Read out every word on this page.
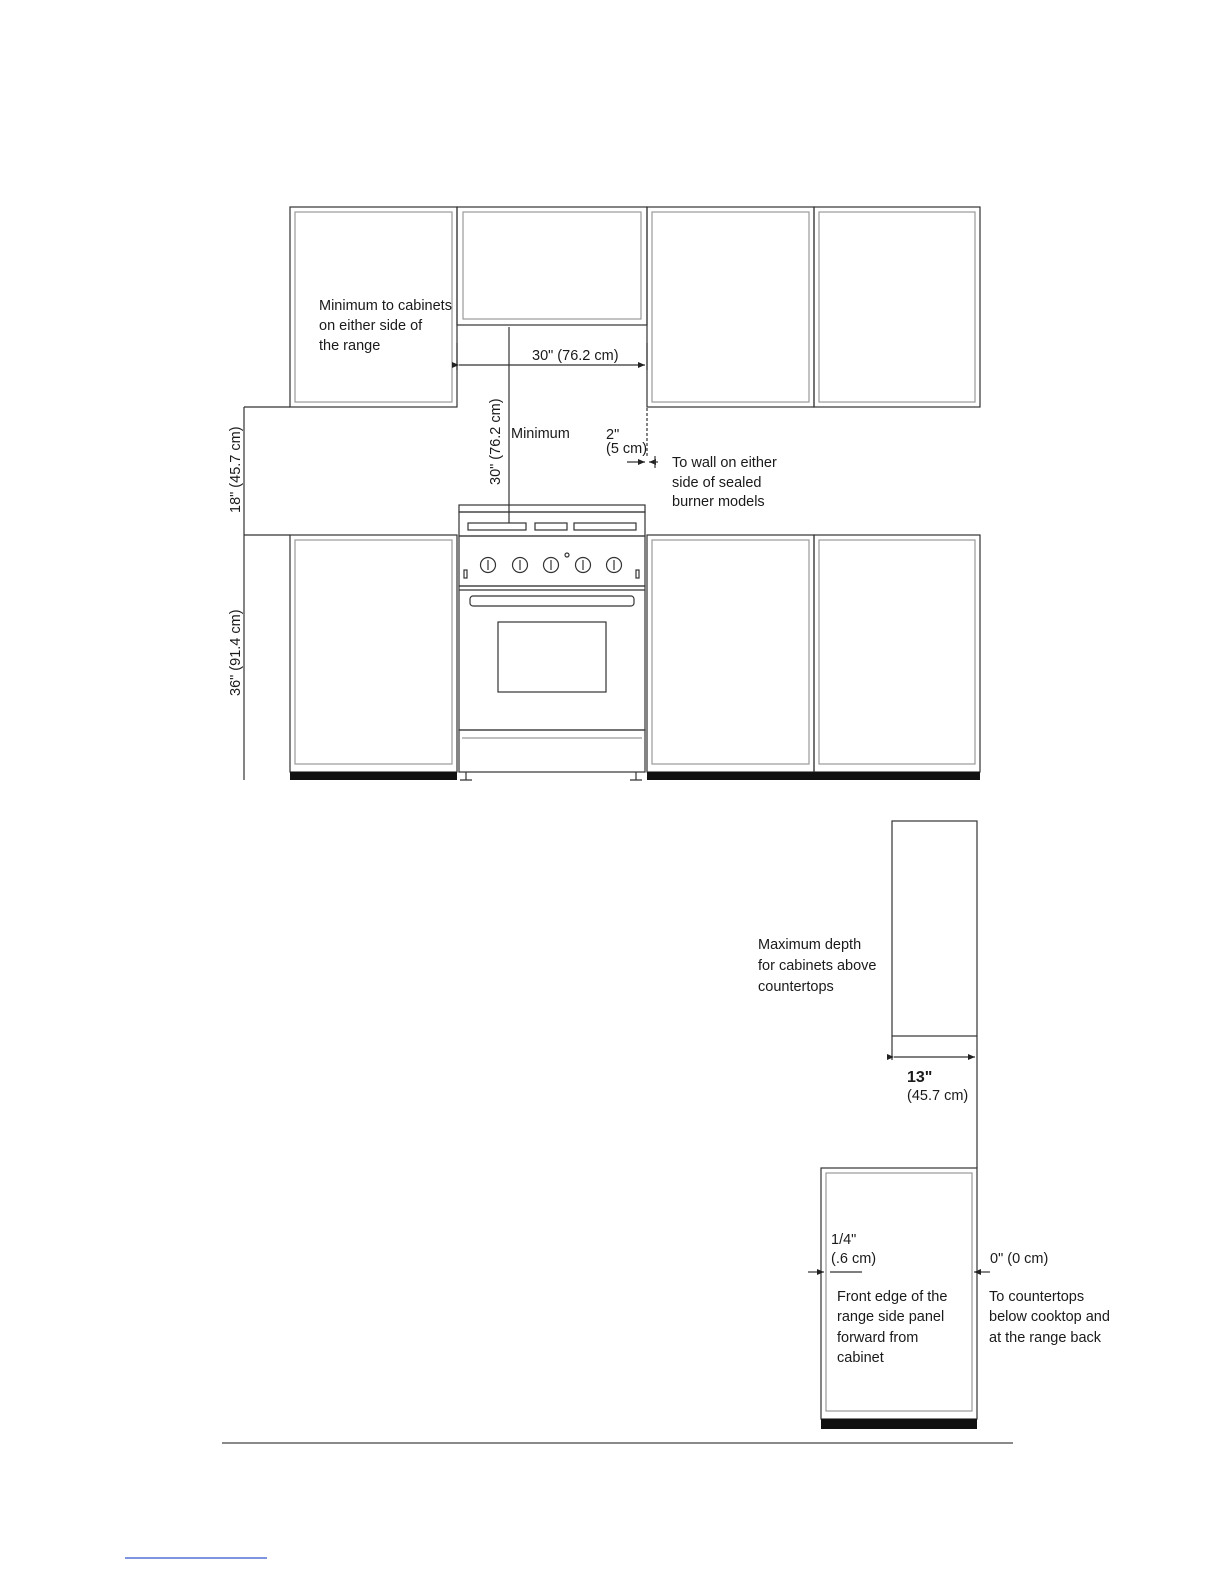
Minimum to cabinets
on either side of
the range
30" (76.2 cm)
30" (76.2 cm) Minimum 2"
(5 cm)
To wall on either
side of sealed
burner models
18" (45.7 cm)
36" (91.4 cm)
Maximum depth
for cabinets above
countertops
13"
(45.7 cm)
1/4"
(.6 cm)
Front edge of the
range side panel
forward from
cabinet
0" (0 cm)
To countertops
below cooktop and
at the range back
